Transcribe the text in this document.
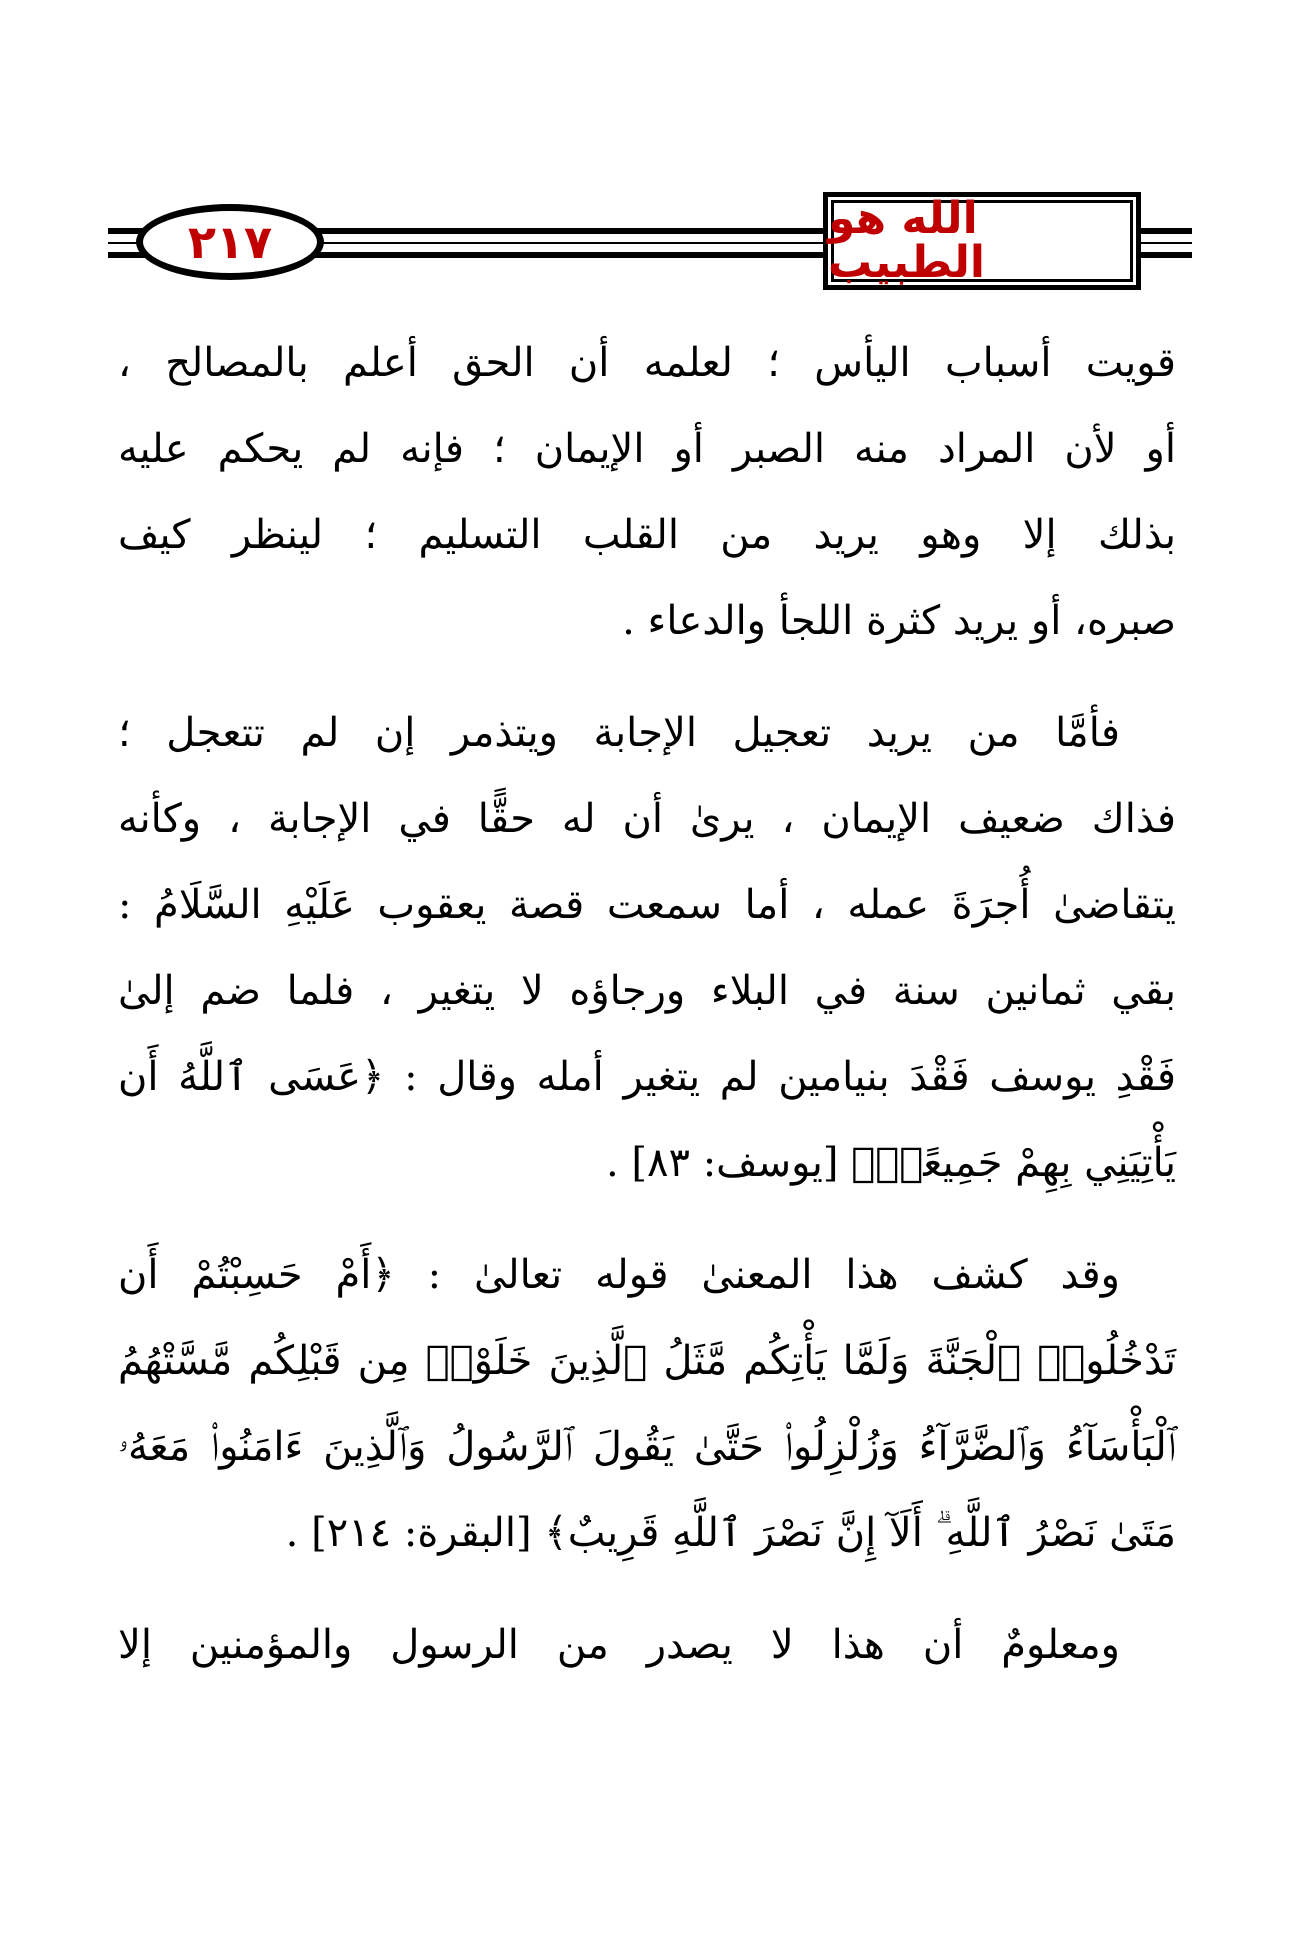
٢١٧	الله هو الطبيب
قويت أسباب اليأس ؛ لعلمه أن الحق أعلم بالمصالح ،
أو لأن المراد منه الصبر أو الإيمان ؛ فإنه لم يحكم عليه
بذلك إلا وهو يريد من القلب التسليم ؛ لينظر كيف
صبره، أو يريد كثرة اللجأ والدعاء .
فأمَّا من يريد تعجيل الإجابة ويتذمر إن لم تتعجل ؛
فذاك ضعيف الإيمان ، يرىٰ أن له حقًّا في الإجابة ، وكأنه
يتقاضىٰ أُجرَةَ عمله ، أما سمعت قصة يعقوب عَلَيْهِ السَّلَامُ :
بقي ثمانين سنة في البلاء ورجاؤه لا يتغير ، فلما ضم إلىٰ
فَقْدِ يوسف فَقْدَ بنيامين لم يتغير أمله وقال : ﴿عَسَى ٱللَّهُ أَن
يَأْتِيَنِي بِهِمْ جَمِيعًاۚ﴾ [يوسف: ٨٣] .
وقد كشف هذا المعنىٰ قوله تعالىٰ : ﴿أَمْ حَسِبْتُمْ أَن
تَدْخُلُوا۟ ٱلْجَنَّةَ وَلَمَّا يَأْتِكُم مَّثَلُ ٱلَّذِينَ خَلَوْا۟ مِن قَبْلِكُم مَّسَّتْهُمُ
ٱلْبَأْسَآءُ وَٱلضَّرَّآءُ وَزُلْزِلُوا۟ حَتَّىٰ يَقُولَ ٱلرَّسُولُ وَٱلَّذِينَ ءَامَنُوا۟ مَعَهُۥ
مَتَىٰ نَصْرُ ٱللَّهِ ۗ أَلَآ إِنَّ نَصْرَ ٱللَّهِ قَرِيبٌ﴾ [البقرة: ٢١٤] .
ومعلومٌ أن هذا لا يصدر من الرسول والمؤمنين إلا
